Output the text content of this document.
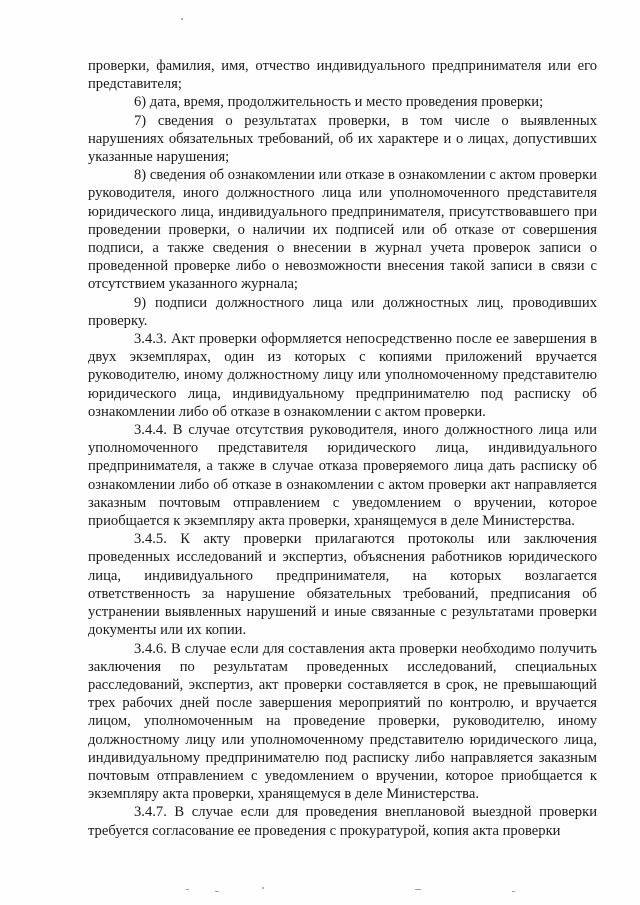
проверки, фамилия, имя, отчество индивидуального предпринимателя или его представителя;

6) дата, время, продолжительность и место проведения проверки;

7) сведения о результатах проверки, в том числе о выявленных нарушениях обязательных требований, об их характере и о лицах, допустивших указанные нарушения;

8) сведения об ознакомлении или отказе в ознакомлении с актом проверки руководителя, иного должностного лица или уполномоченного представителя юридического лица, индивидуального предпринимателя, присутствовавшего при проведении проверки, о наличии их подписей или об отказе от совершения подписи, а также сведения о внесении в журнал учета проверок записи о проведенной проверке либо о невозможности внесения такой записи в связи с отсутствием указанного журнала;

9) подписи должностного лица или должностных лиц, проводивших проверку.

3.4.3. Акт проверки оформляется непосредственно после ее завершения в двух экземплярах, один из которых с копиями приложений вручается руководителю, иному должностному лицу или уполномоченному представителю юридического лица, индивидуальному предпринимателю под расписку об ознакомлении либо об отказе в ознакомлении с актом проверки.

3.4.4. В случае отсутствия руководителя, иного должностного лица или уполномоченного представителя юридического лица, индивидуального предпринимателя, а также в случае отказа проверяемого лица дать расписку об ознакомлении либо об отказе в ознакомлении с актом проверки акт направляется заказным почтовым отправлением с уведомлением о вручении, которое приобщается к экземпляру акта проверки, хранящемуся в деле Министерства.

3.4.5. К акту проверки прилагаются протоколы или заключения проведенных исследований и экспертиз, объяснения работников юридического лица, индивидуального предпринимателя, на которых возлагается ответственность за нарушение обязательных требований, предписания об устранении выявленных нарушений и иные связанные с результатами проверки документы или их копии.

3.4.6. В случае если для составления акта проверки необходимо получить заключения по результатам проведенных исследований, специальных расследований, экспертиз, акт проверки составляется в срок, не превышающий трех рабочих дней после завершения мероприятий по контролю, и вручается лицом, уполномоченным на проведение проверки, руководителю, иному должностному лицу или уполномоченному представителю юридического лица, индивидуальному предпринимателю под расписку либо направляется заказным почтовым отправлением с уведомлением о вручении, которое приобщается к экземпляру акта проверки, хранящемуся в деле Министерства.

3.4.7. В случае если для проведения внеплановой выездной проверки требуется согласование ее проведения с прокуратурой, копия акта проверки
